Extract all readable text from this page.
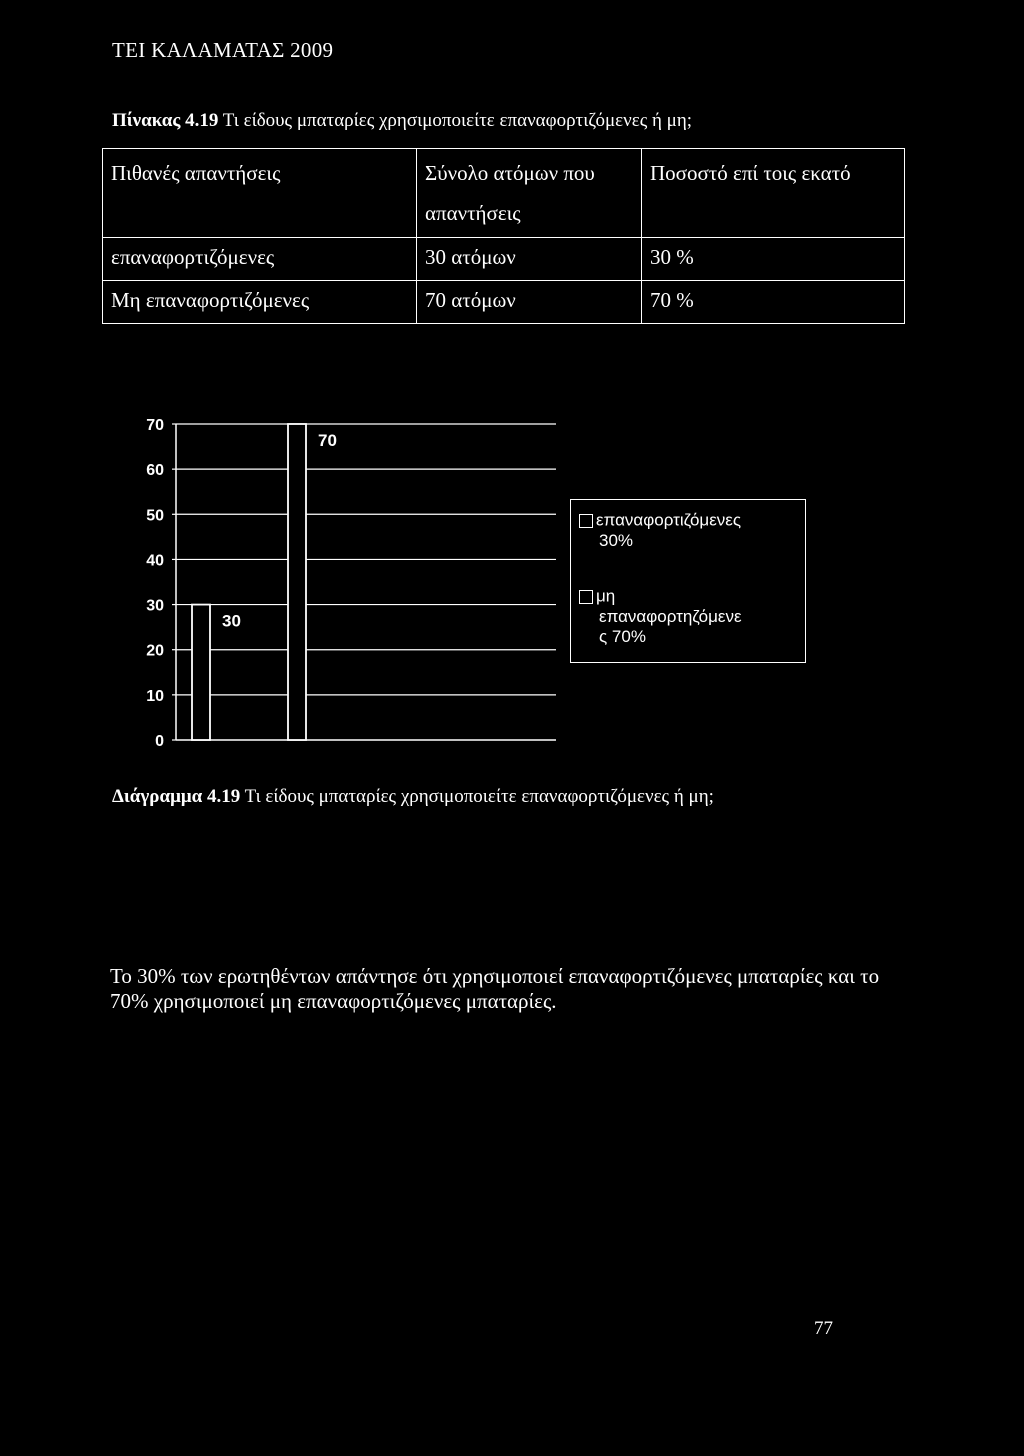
ΤΕΙ ΚΑΛΑΜΑΤΑΣ 2009
Πίνακας 4.19 Τι είδους μπαταρίες χρησιμοποιείτε επαναφορτιζόμενες ή μη;
Πιθανές απαντήσεις	Σύνολο ατόμων που απαντήσεις	Ποσοστό επί τοις εκατό
επαναφορτιζόμενες	30 ατόμων	30 %
Μη επαναφορτιζόμενες	70 ατόμων	70 %
0
10
20
30
40
50
60
70
30
70
επαναφορτιζόμενες
30%
μη
επαναφορτηζόμενε
ς 70%
Διάγραμμα 4.19 Τι είδους μπαταρίες χρησιμοποιείτε επαναφορτιζόμενες ή μη;
Το 30% των ερωτηθέντων απάντησε ότι χρησιμοποιεί επαναφορτιζόμενες μπαταρίες και το 70% χρησιμοποιεί μη επαναφορτιζόμενες μπαταρίες.
77
